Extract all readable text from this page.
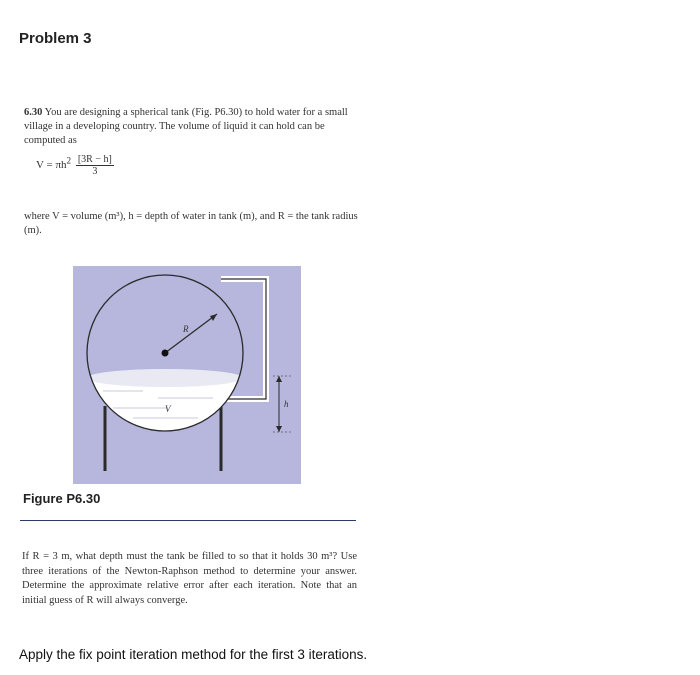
Problem 3
6.30 You are designing a spherical tank (Fig. P6.30) to hold water for a small village in a developing country. The volume of liquid it can hold can be computed as
$V = \pi h^2 \frac{[3R - h]}{3}$
where V = volume (m³), h = depth of water in tank (m), and R = the tank radius (m).
R
V	h
Figure P6.30
If R = 3 m, what depth must the tank be filled to so that it holds 30 m³? Use three iterations of the Newton-Raphson method to determine your answer. Determine the approximate relative error after each iteration. Note that an initial guess of R will always converge.
Apply the fix point iteration method for the first 3 iterations.
